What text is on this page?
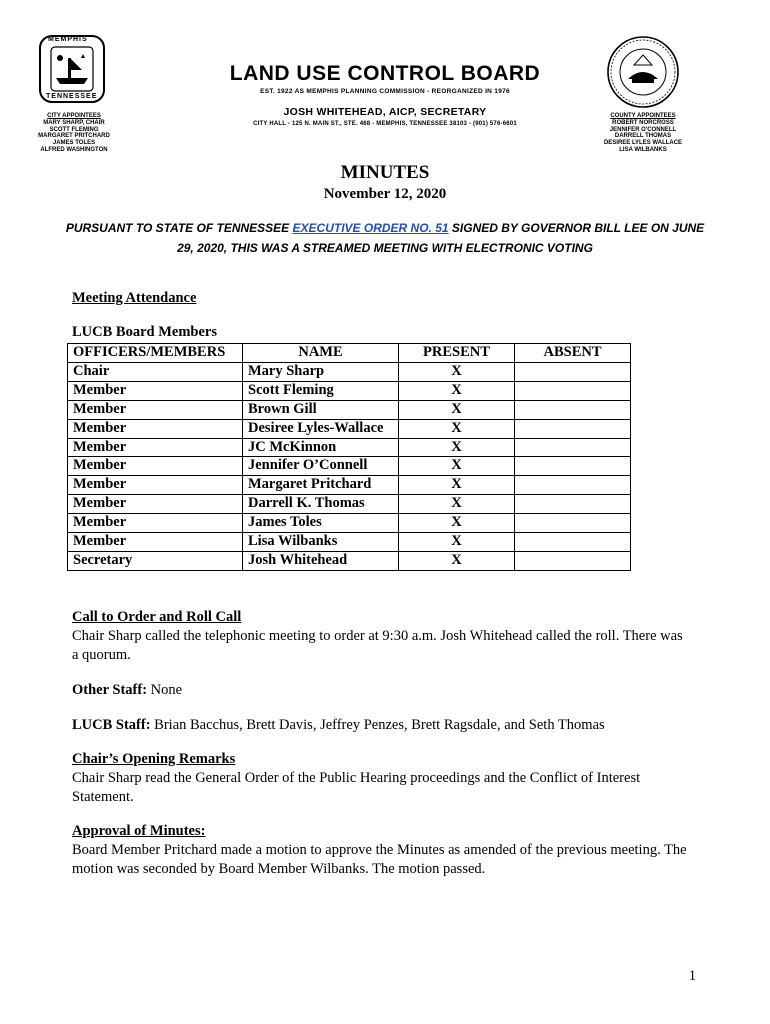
MEMPHIS
TENNESSEE
CITY APPOINTEES
MARY SHARP, CHAIR
SCOTT FLEMING
MARGARET PRITCHARD
JAMES TOLES
ALFRED WASHINGTON
LAND USE CONTROL BOARD
EST. 1922 AS MEMPHIS PLANNING COMMISSION - REORGANIZED IN 1976
JOSH WHITEHEAD, AICP, SECRETARY
CITY HALL - 125 N. MAIN ST., STE. 468 - MEMPHIS, TENNESSEE 38103 - (901) 576-6601
COUNTY APPOINTEES
ROBERT NORCROSS
JENNIFER O'CONNELL
DARRELL THOMAS
DESIREE LYLES WALLACE
LISA WILBANKS
MINUTES
November 12, 2020
PURSUANT TO STATE OF TENNESSEE EXECUTIVE ORDER NO. 51 SIGNED BY GOVERNOR BILL LEE ON JUNE 29, 2020, THIS WAS A STREAMED MEETING WITH ELECTRONIC VOTING
Meeting Attendance
LUCB Board Members
OFFICERS/MEMBERS	NAME	PRESENT	ABSENT
Chair	Mary Sharp	X	
Member	Scott Fleming	X	
Member	Brown Gill	X	
Member	Desiree Lyles-Wallace	X	
Member	JC McKinnon	X	
Member	Jennifer O’Connell	X	
Member	Margaret Pritchard	X	
Member	Darrell K. Thomas	X	
Member	James Toles	X	
Member	Lisa Wilbanks	X	
Secretary	Josh Whitehead	X	
Call to Order and Roll Call
Chair Sharp called the telephonic meeting to order at 9:30 a.m. Josh Whitehead called the roll. There was a quorum.
Other Staff: None
LUCB Staff: Brian Bacchus, Brett Davis, Jeffrey Penzes, Brett Ragsdale, and Seth Thomas
Chair’s Opening Remarks
Chair Sharp read the General Order of the Public Hearing proceedings and the Conflict of Interest Statement.
Approval of Minutes:
Board Member Pritchard made a motion to approve the Minutes as amended of the previous meeting. The motion was seconded by Board Member Wilbanks. The motion passed.
1
